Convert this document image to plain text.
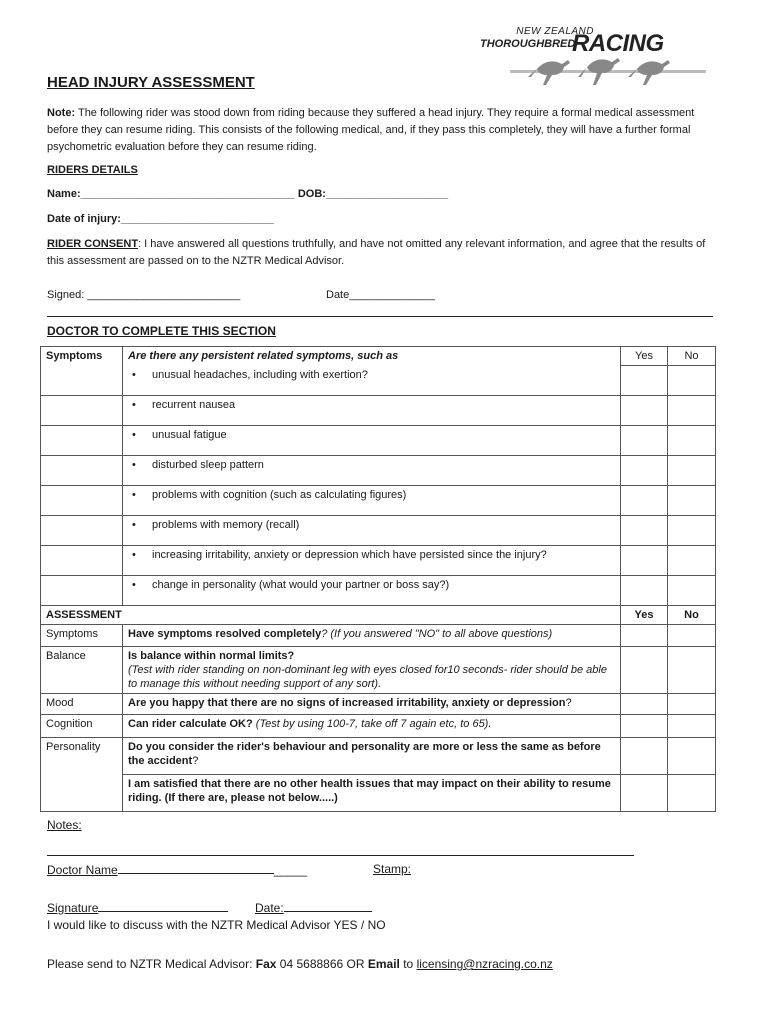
NEW ZEALAND
THOROUGHBRED
RACING
HEAD INJURY ASSESSMENT
Note: The following rider was stood down from riding because they suffered a head injury. They require a formal medical assessment before they can resume riding. This consists of the following medical, and, if they pass this completely, they will have a further formal psychometric evaluation before they can resume riding.
RIDERS DETAILS
Name:___________________________________ DOB:____________________
Date of injury:_________________________
RIDER CONSENT: I have answered all questions truthfully, and have not omitted any relevant information, and agree that the results of this assessment are passed on to the NZTR Medical Advisor.
Signed: _________________________	Date______________
DOCTOR TO COMPLETE THIS SECTION
Symptoms	Are there any persistent related symptoms, such as	Yes	No
	• unusual headaches, including with exertion?		
	• recurrent nausea		
	• unusual fatigue		
	• disturbed sleep pattern		
	• problems with cognition (such as calculating figures)		
	• problems with memory (recall)		
	• increasing irritability, anxiety or depression which have persisted since the injury?		
	• change in personality (what would your partner or boss say?)		
ASSESSMENT		Yes	No
Symptoms	Have symptoms resolved completely? (If you answered "NO" to all above questions)		
Balance	Is balance within normal limits?
(Test with rider standing on non-dominant leg with eyes closed for10 seconds- rider should be able to manage this without needing support of any sort).		
Mood	Are you happy that there are no signs of increased irritability, anxiety or depression?		
Cognition	Can rider calculate OK? (Test by using 100-7, take off 7 again etc, to 65).		
Personality	Do you consider the rider's behaviour and personality are more or less the same as before the accident?		
	I am satisfied that there are no other health issues that may impact on their ability to resume riding. (If there are, please not below.....)		
Notes:
Doctor Name	_____	Stamp:
Signature	Date:
I would like to discuss with the NZTR Medical Advisor YES / NO
Please send to NZTR Medical Advisor: Fax 04 5688866 OR Email to licensing@nzracing.co.nz
